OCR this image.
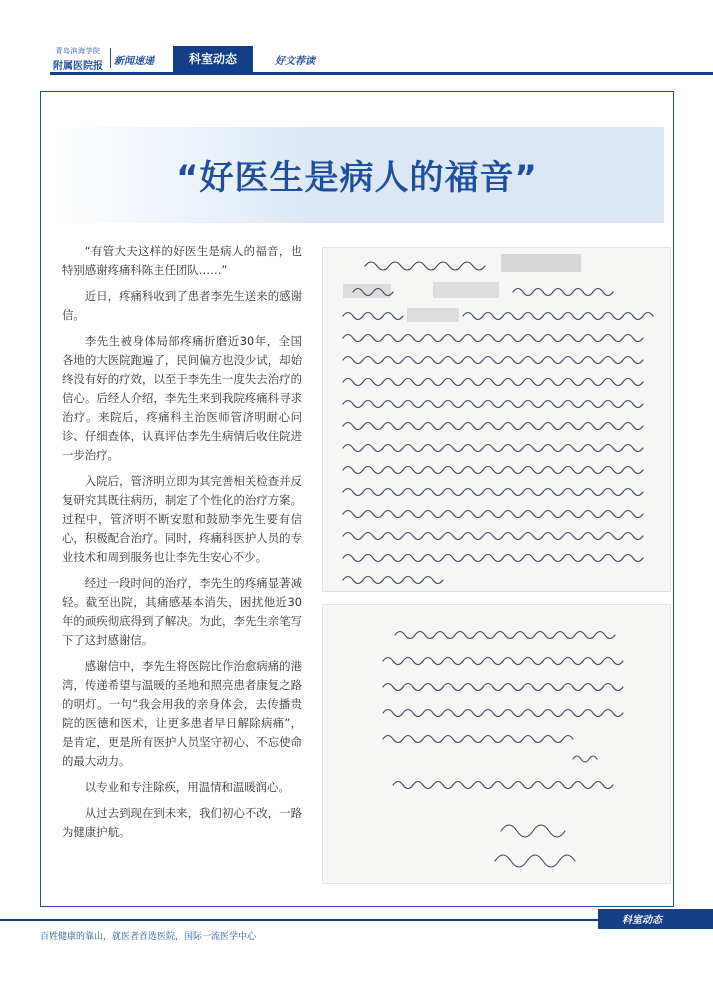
青岛滨海学院
附属医院报	新闻速递	科室动态	好文荐读
“好医生是病人的福音”

“有管大夫这样的好医生是病人的福音，也特别感谢疼痛科陈主任团队……”

近日，疼痛科收到了患者李先生送来的感谢信。

李先生被身体局部疼痛折磨近30年，全国各地的大医院跑遍了，民间偏方也没少试，却始终没有好的疗效，以至于李先生一度失去治疗的信心。后经人介绍，李先生来到我院疼痛科寻求治疗。来院后，疼痛科主治医师管济明耐心问诊、仔细查体，认真评估李先生病情后收住院进一步治疗。

入院后，管济明立即为其完善相关检查并反复研究其既往病历，制定了个性化的治疗方案。过程中，管济明不断安慰和鼓励李先生要有信心，积极配合治疗。同时，疼痛科医护人员的专业技术和周到服务也让李先生安心不少。

经过一段时间的治疗，李先生的疼痛显著减轻。截至出院，其痛感基本消失，困扰他近30年的顽疾彻底得到了解决。为此，李先生亲笔写下了这封感谢信。

感谢信中，李先生将医院比作治愈病痛的港湾，传递希望与温暖的圣地和照亮患者康复之路的明灯。一句“我会用我的亲身体会，去传播贵院的医德和医术，让更多患者早日解除病痛”，是肯定，更是所有医护人员坚守初心、不忘使命的最大动力。

以专业和专注除疾，用温情和温暖润心。

从过去到现在到未来，我们初心不改，一路为健康护航。

科室动态
百姓健康的靠山，就医者首选医院，国际一流医学中心
